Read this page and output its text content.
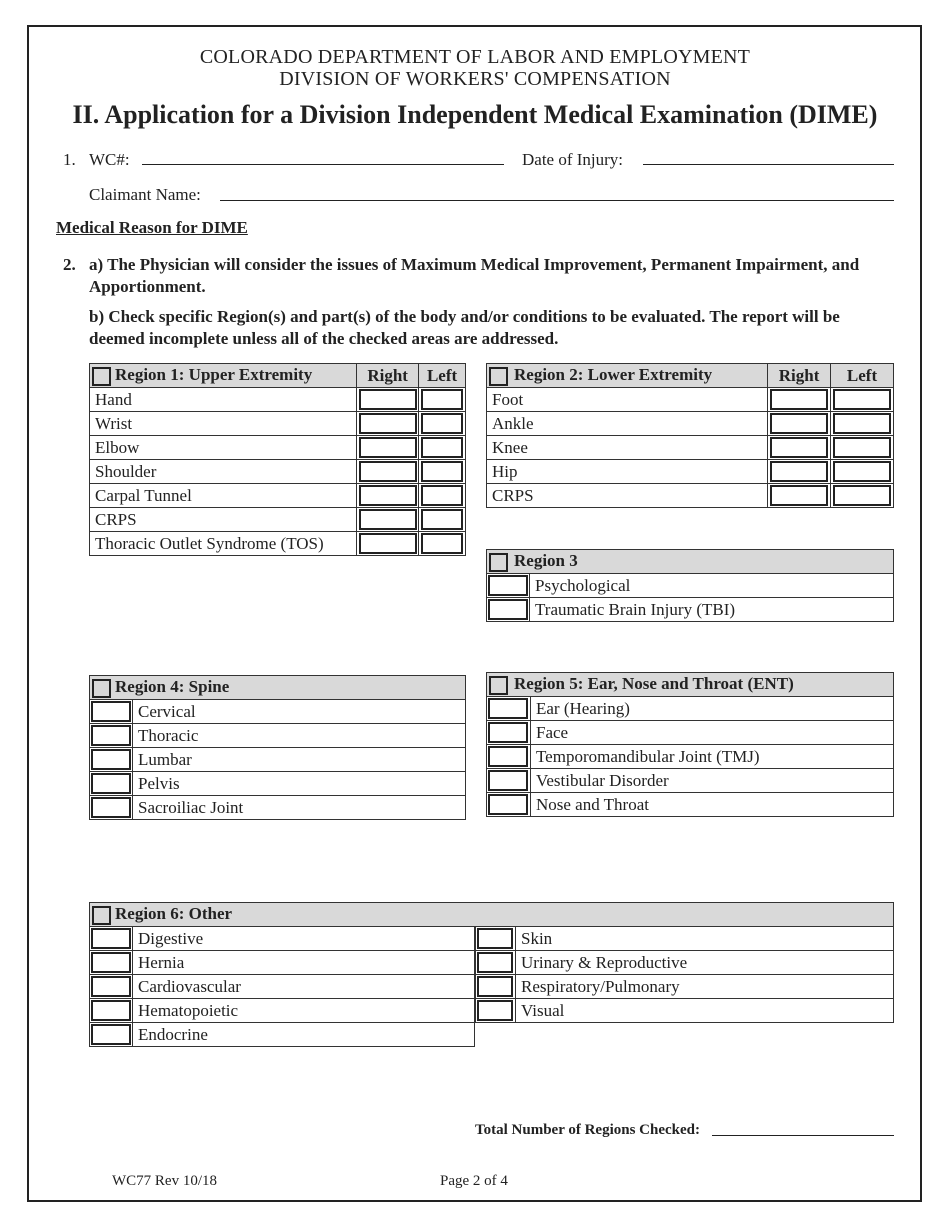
COLORADO DEPARTMENT OF LABOR AND EMPLOYMENT
DIVISION OF WORKERS' COMPENSATION
II. Application for a Division Independent Medical Examination (DIME)
1. WC#:	Date of Injury:
Claimant Name:
Medical Reason for DIME
2. a) The Physician will consider the issues of Maximum Medical Improvement, Permanent Impairment, and Apportionment.
b) Check specific Region(s) and part(s) of the body and/or conditions to be evaluated. The report will be deemed incomplete unless all of the checked areas are addressed.
Region 1: Upper Extremity	Right	Left
Hand	

Wrist	

Elbow	

Shoulder	

Carpal Tunnel	

CRPS	

Thoracic Outlet Syndrome (TOS)	

Region 2: Lower Extremity	Right	Left
Foot	

Ankle	

Knee	

Hip	

CRPS	

Region 3	

	Psychological

	Traumatic Brain Injury (TBI)
Region 4: Spine	

	Cervical

	Thoracic

	Lumbar

	Pelvis

	Sacroiliac Joint
Region 5: Ear, Nose and Throat (ENT)	

	Ear (Hearing)

	Face

	Temporomandibular Joint (TMJ)

	Vestibular Disorder

	Nose and Throat
Region 6: Other
	Digestive

	Hernia

	Cardiovascular

	Hematopoietic

	Endocrine
	Skin

	Urinary & Reproductive

	Respiratory/Pulmonary

	Visual
Total Number of Regions Checked:
WC77 Rev 10/18	Page 2 of 4
